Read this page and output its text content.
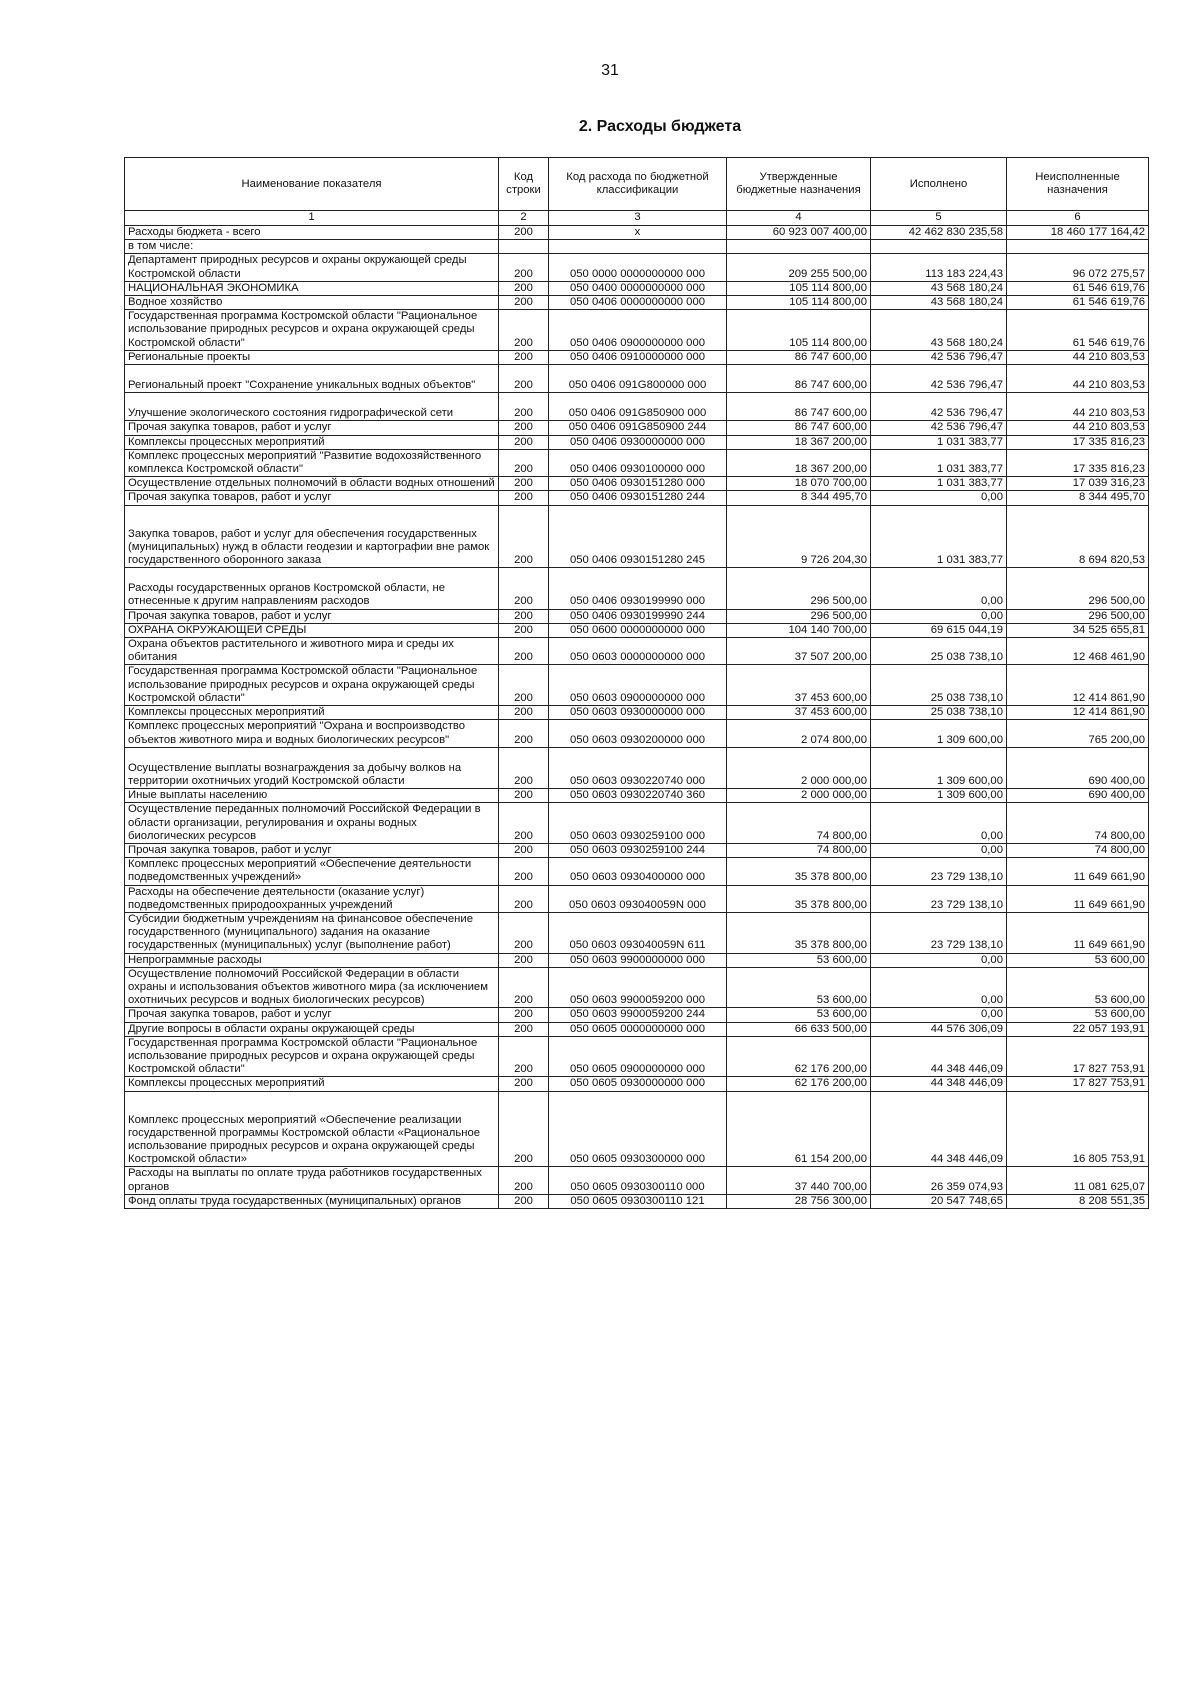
31
2. Расходы бюджета
Наименование показателя	Код строки	Код расхода по бюджетной классификации	Утвержденные бюджетные назначения	Исполнено	Неисполненные назначения
1	2	3	4	5	6
Расходы бюджета - всего	200	x	60 923 007 400,00	42 462 830 235,58	18 460 177 164,42
в том числе:					
Департамент природных ресурсов и охраны окружающей среды Костромской области	200	050 0000 0000000000 000	209 255 500,00	113 183 224,43	96 072 275,57
НАЦИОНАЛЬНАЯ ЭКОНОМИКА	200	050 0400 0000000000 000	105 114 800,00	43 568 180,24	61 546 619,76
Водное хозяйство	200	050 0406 0000000000 000	105 114 800,00	43 568 180,24	61 546 619,76
Государственная программа Костромской области "Рациональное использование природных ресурсов и охрана окружающей среды Костромской области"	200	050 0406 0900000000 000	105 114 800,00	43 568 180,24	61 546 619,76
Региональные проекты	200	050 0406 0910000000 000	86 747 600,00	42 536 796,47	44 210 803,53
Региональный проект "Сохранение уникальных водных объектов"	200	050 0406 091G800000 000	86 747 600,00	42 536 796,47	44 210 803,53
Улучшение экологического состояния гидрографической сети	200	050 0406 091G850900 000	86 747 600,00	42 536 796,47	44 210 803,53
Прочая закупка товаров, работ и услуг	200	050 0406 091G850900 244	86 747 600,00	42 536 796,47	44 210 803,53
Комплексы процессных мероприятий	200	050 0406 0930000000 000	18 367 200,00	1 031 383,77	17 335 816,23
Комплекс процессных мероприятий "Развитие водохозяйственного комплекса Костромской области"	200	050 0406 0930100000 000	18 367 200,00	1 031 383,77	17 335 816,23
Осуществление отдельных полномочий в области водных отношений	200	050 0406 0930151280 000	18 070 700,00	1 031 383,77	17 039 316,23
Прочая закупка товаров, работ и услуг	200	050 0406 0930151280 244	8 344 495,70	0,00	8 344 495,70
Закупка товаров, работ и услуг для обеспечения государственных (муниципальных) нужд в области геодезии и картографии вне рамок государственного оборонного заказа	200	050 0406 0930151280 245	9 726 204,30	1 031 383,77	8 694 820,53
Расходы государственных органов Костромской области, не отнесенные к другим направлениям расходов	200	050 0406 0930199990 000	296 500,00	0,00	296 500,00
Прочая закупка товаров, работ и услуг	200	050 0406 0930199990 244	296 500,00	0,00	296 500,00
ОХРАНА ОКРУЖАЮЩЕЙ СРЕДЫ	200	050 0600 0000000000 000	104 140 700,00	69 615 044,19	34 525 655,81
Охрана объектов растительного и животного мира и среды их обитания	200	050 0603 0000000000 000	37 507 200,00	25 038 738,10	12 468 461,90
Государственная программа Костромской области "Рациональное использование природных ресурсов и охрана окружающей среды Костромской области"	200	050 0603 0900000000 000	37 453 600,00	25 038 738,10	12 414 861,90
Комплексы процессных мероприятий	200	050 0603 0930000000 000	37 453 600,00	25 038 738,10	12 414 861,90
Комплекс процессных мероприятий "Охрана и воспроизводство объектов животного мира и водных биологических ресурсов"	200	050 0603 0930200000 000	2 074 800,00	1 309 600,00	765 200,00
Осуществление выплаты вознаграждения за добычу волков на территории охотничьих угодий Костромской области	200	050 0603 0930220740 000	2 000 000,00	1 309 600,00	690 400,00
Иные выплаты населению	200	050 0603 0930220740 360	2 000 000,00	1 309 600,00	690 400,00
Осуществление переданных полномочий Российской Федерации в области организации, регулирования и охраны водных биологических ресурсов	200	050 0603 0930259100 000	74 800,00	0,00	74 800,00
Прочая закупка товаров, работ и услуг	200	050 0603 0930259100 244	74 800,00	0,00	74 800,00
Комплекс процессных мероприятий «Обеспечение деятельности подведомственных учреждений»	200	050 0603 0930400000 000	35 378 800,00	23 729 138,10	11 649 661,90
Расходы на обеспечение деятельности (оказание услуг) подведомственных природоохранных учреждений	200	050 0603 093040059N 000	35 378 800,00	23 729 138,10	11 649 661,90
Субсидии бюджетным учреждениям на финансовое обеспечение государственного (муниципального) задания на оказание государственных (муниципальных) услуг (выполнение работ)	200	050 0603 093040059N 611	35 378 800,00	23 729 138,10	11 649 661,90
Непрограммные расходы	200	050 0603 9900000000 000	53 600,00	0,00	53 600,00
Осуществление полномочий Российской Федерации в области охраны и использования объектов животного мира (за исключением охотничьих ресурсов и водных биологических ресурсов)	200	050 0603 9900059200 000	53 600,00	0,00	53 600,00
Прочая закупка товаров, работ и услуг	200	050 0603 9900059200 244	53 600,00	0,00	53 600,00
Другие вопросы в области охраны окружающей среды	200	050 0605 0000000000 000	66 633 500,00	44 576 306,09	22 057 193,91
Государственная программа Костромской области "Рациональное использование природных ресурсов и охрана окружающей среды Костромской области"	200	050 0605 0900000000 000	62 176 200,00	44 348 446,09	17 827 753,91
Комплексы процессных мероприятий	200	050 0605 0930000000 000	62 176 200,00	44 348 446,09	17 827 753,91
Комплекс процессных мероприятий «Обеспечение реализации государственной программы Костромской области «Рациональное использование природных ресурсов и охрана окружающей среды Костромской области»	200	050 0605 0930300000 000	61 154 200,00	44 348 446,09	16 805 753,91
Расходы на выплаты по оплате труда работников государственных органов	200	050 0605 0930300110 000	37 440 700,00	26 359 074,93	11 081 625,07
Фонд оплаты труда государственных (муниципальных) органов	200	050 0605 0930300110 121	28 756 300,00	20 547 748,65	8 208 551,35
